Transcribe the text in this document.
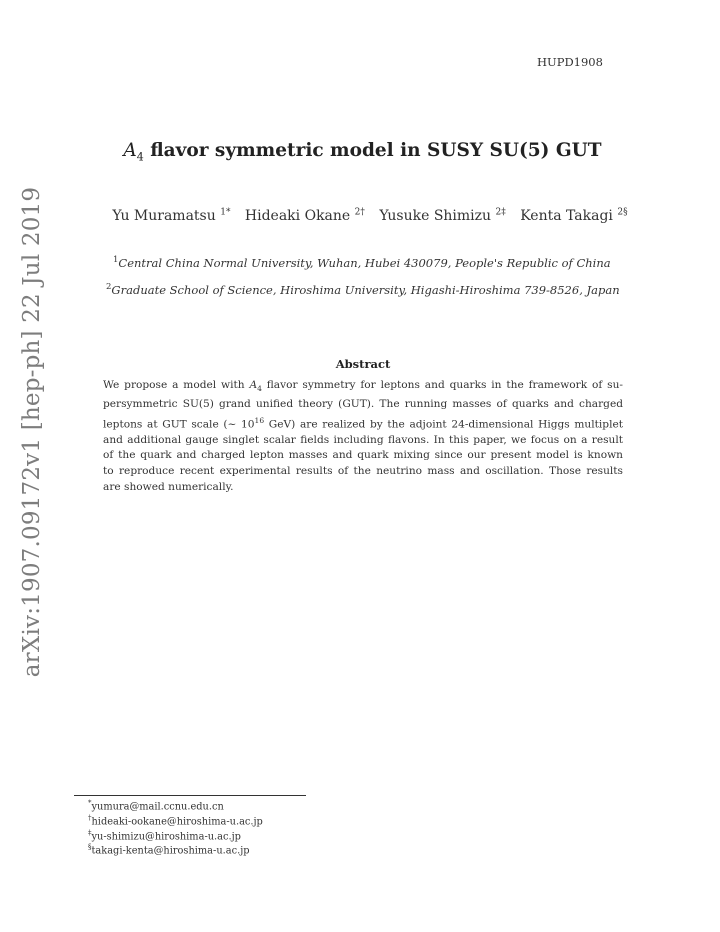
HUPD1908
$A_4$ flavor symmetric model in SUSY SU(5) GUT
Yu Muramatsu $^{1*}$ Hideaki Okane $^{2\dagger}$ Yusuke Shimizu $^{2\ddagger}$ Kenta Takagi $^{2\S}$
$^1$Central China Normal University, Wuhan, Hubei 430079, People's Republic of China
$^2$Graduate School of Science, Hiroshima University, Higashi-Hiroshima 739-8526, Japan
Abstract
We propose a model with $A_4$ flavor symmetry for leptons and quarks in the framework of su-
persymmetric SU(5) grand unified theory (GUT). The running masses of quarks and charged
leptons at GUT scale (~ $10^{16}$ GeV) are realized by the adjoint 24-dimensional Higgs multiplet
and additional gauge singlet scalar fields including flavons. In this paper, we focus on a result
of the quark and charged lepton masses and quark mixing since our present model is known
to reproduce recent experimental results of the neutrino mass and oscillation. Those results
are showed numerically.
arXiv:1907.09172v1 [hep-ph] 22 Jul 2019
*yumura@mail.ccnu.edu.cn
†hideaki-ookane@hiroshima-u.ac.jp
‡yu-shimizu@hiroshima-u.ac.jp
§takagi-kenta@hiroshima-u.ac.jp
